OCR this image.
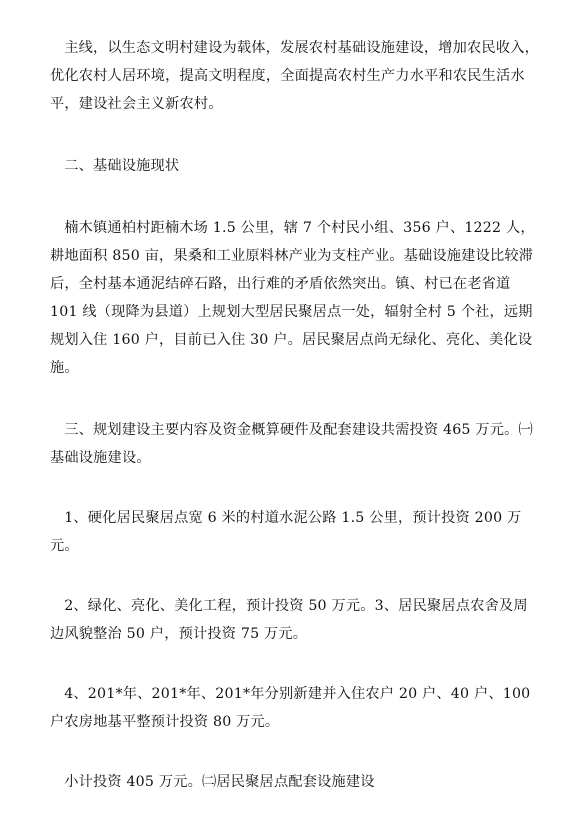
主线，以生态文明村建设为载体，发展农村基础设施建设，增加农民收入，优化农村人居环境，提高文明程度，全面提高农村生产力水平和农民生活水平，建设社会主义新农村。

二、基础设施现状

楠木镇通柏村距楠木场 1.5 公里，辖 7 个村民小组、356 户、1222 人，耕地面积 850 亩，果桑和工业原料林产业为支柱产业。基础设施建设比较滞后，全村基本通泥结碎石路，出行难的矛盾依然突出。镇、村已在老省道 101 线（现降为县道）上规划大型居民聚居点一处，辐射全村 5 个社，远期规划入住 160 户，目前已入住 30 户。居民聚居点尚无绿化、亮化、美化设施。

三、规划建设主要内容及资金概算硬件及配套建设共需投资 465 万元。㈠基础设施建设。

1、硬化居民聚居点宽 6 米的村道水泥公路 1.5 公里，预计投资 200 万元。

2、绿化、亮化、美化工程，预计投资 50 万元。3、居民聚居点农舍及周边风貌整治 50 户，预计投资 75 万元。

4、201*年、201*年、201*年分别新建并入住农户 20 户、40 户、100 户农房地基平整预计投资 80 万元。

小计投资 405 万元。㈡居民聚居点配套设施建设
